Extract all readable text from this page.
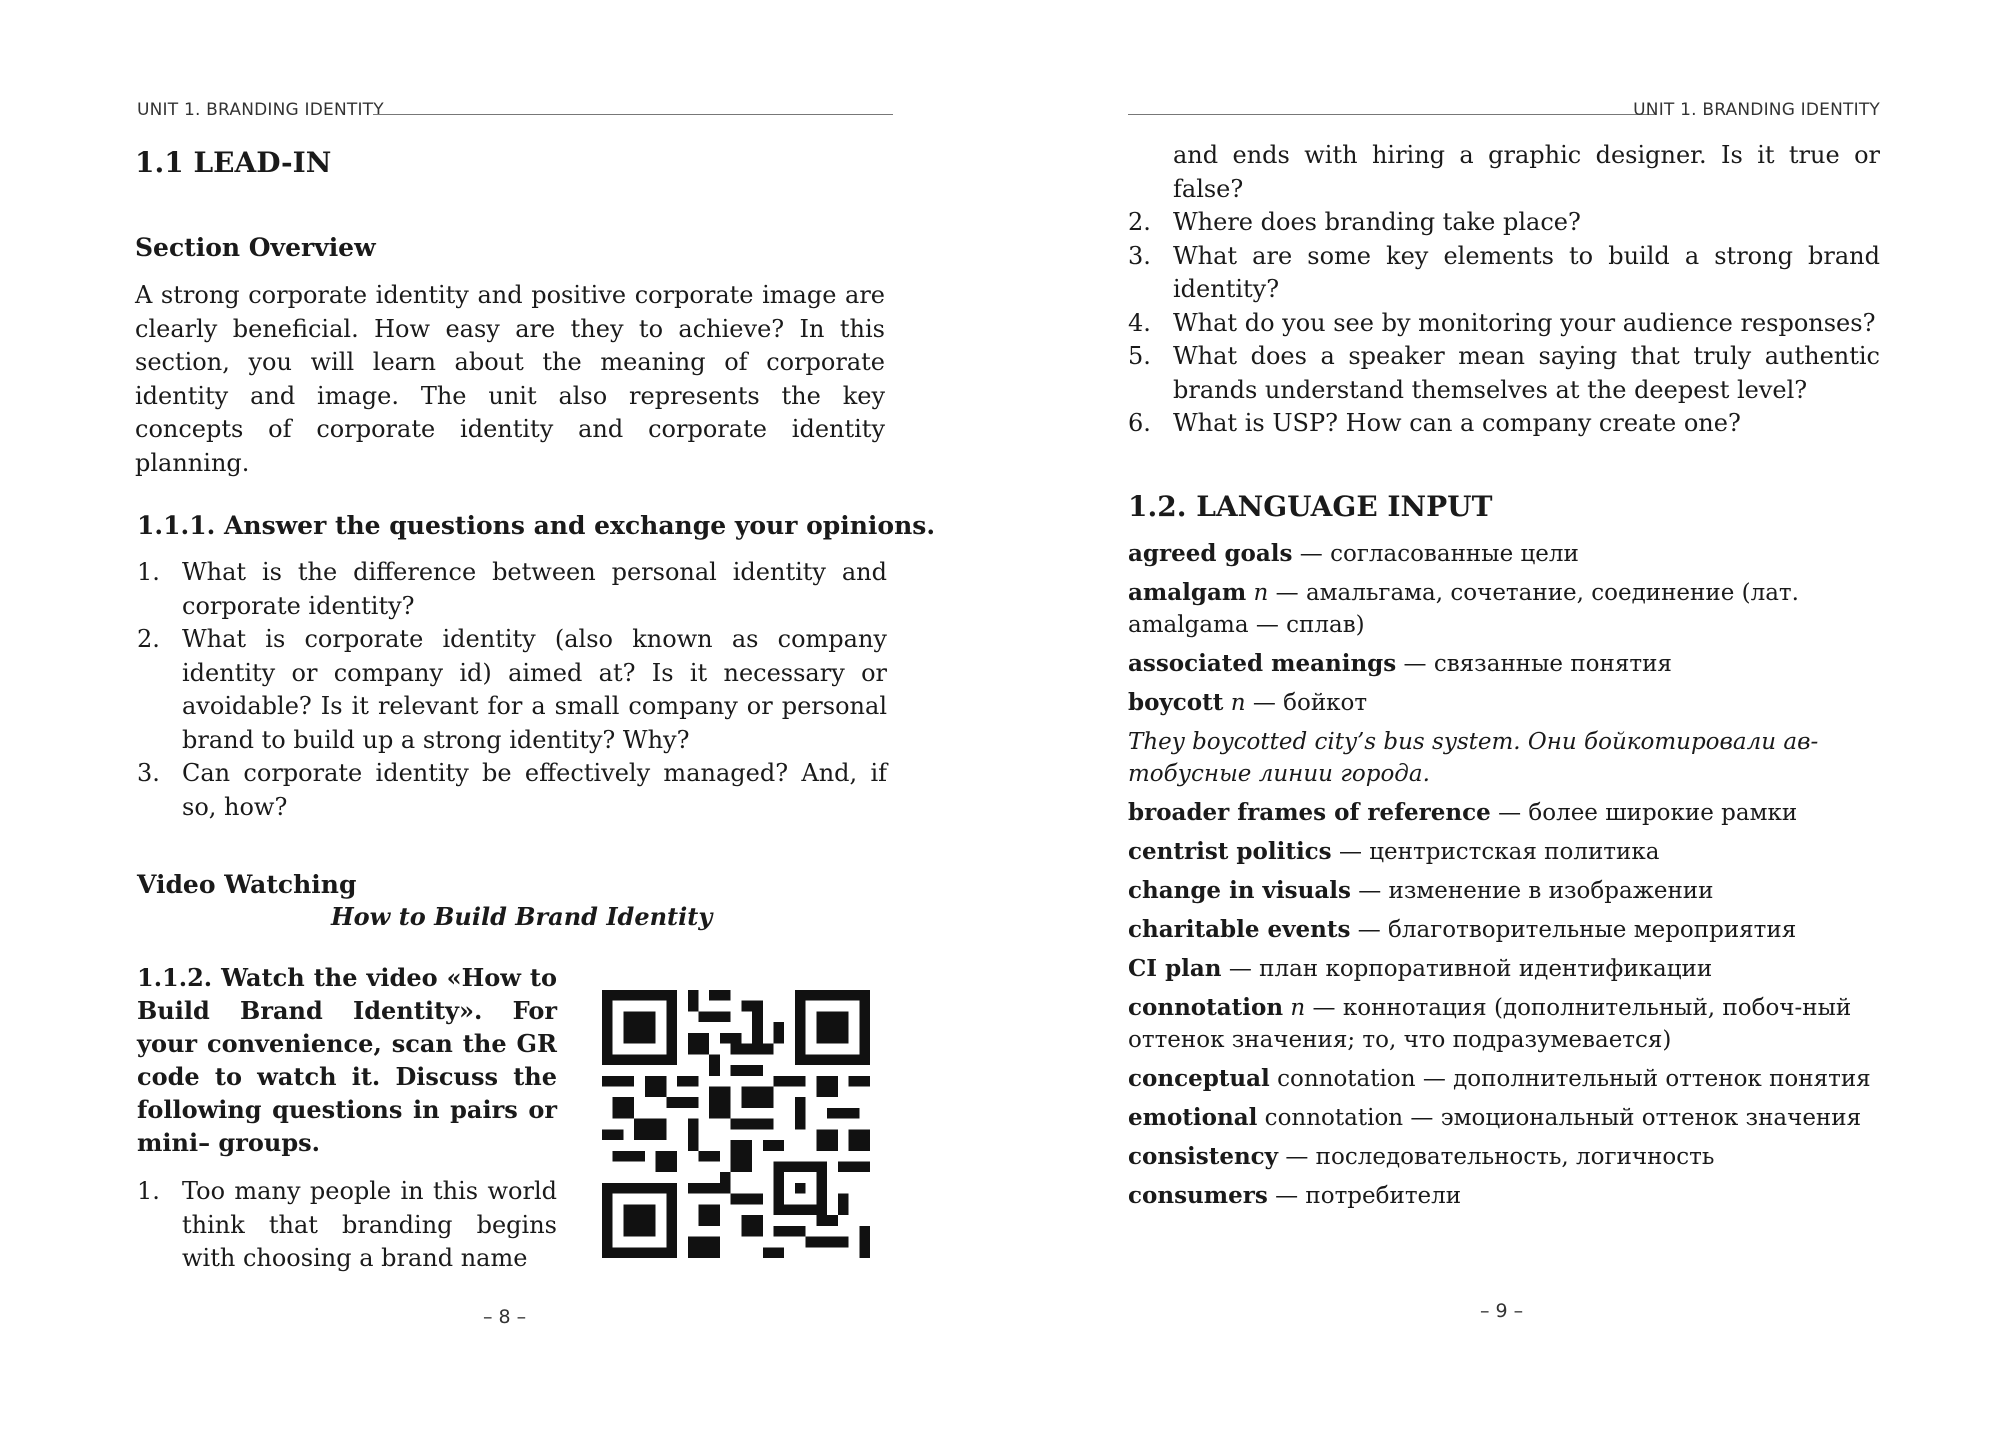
UNIT 1. BRANDING IDENTITY
1.1 LEAD-IN
Section Overview

A strong corporate identity and positive corporate image are clearly beneficial. How easy are they to achieve? In this section, you will learn about the meaning of corporate identity and image. The unit also represents the key concepts of corporate identity and corporate identity planning.

1.1.1. Answer the questions and exchange your opinions.
1. What is the difference between personal identity and corporate identity?
2. What is corporate identity (also known as company identity or company id) aimed at? Is it necessary or avoidable? Is it relevant for a small company or personal brand to build up a strong identity? Why?
3. Can corporate identity be effectively managed? And, if so, how?
Video Watching
How to Build Brand Identity

1.1.2. Watch the video «How to Build Brand Identity». For your convenience, scan the GR code to watch it. Discuss the following questions in pairs or mini– groups.

1. Too many people in this world think that branding begins with choosing a brand name
– 8 –
UNIT 1. BRANDING IDENTITY

and ends with hiring a graphic designer. Is it true or false?

2. Where does branding take place?
3. What are some key elements to build a strong brand identity?
4. What do you see by monitoring your audience responses?
5. What does a speaker mean saying that truly authentic brands understand themselves at the deepest level?
6. What is USP? How can a company create one?
1.2. LANGUAGE INPUT
agreed goals — согласованные цели
amalgam n — амальгама, сочетание, соединение (лат. amalgama — сплав)
associated meanings — связанные понятия
boycott n — бойкот
They boycotted city’s bus system. Они бойкотировали ав-тобусные линии города.
broader frames of reference — более широкие рамки
centrist politics — центристская политика
change in visuals — изменение в изображении
charitable events — благотворительные мероприятия
CI plan — план корпоративной идентификации
connotation n — коннотация (дополнительный, побоч-ный оттенок значения; то, что подразумевается)
conceptual connotation — дополнительный оттенок понятия
emotional connotation — эмоциональный оттенок значения
consistency — последовательность, логичность
consumers — потребители
– 9 –
